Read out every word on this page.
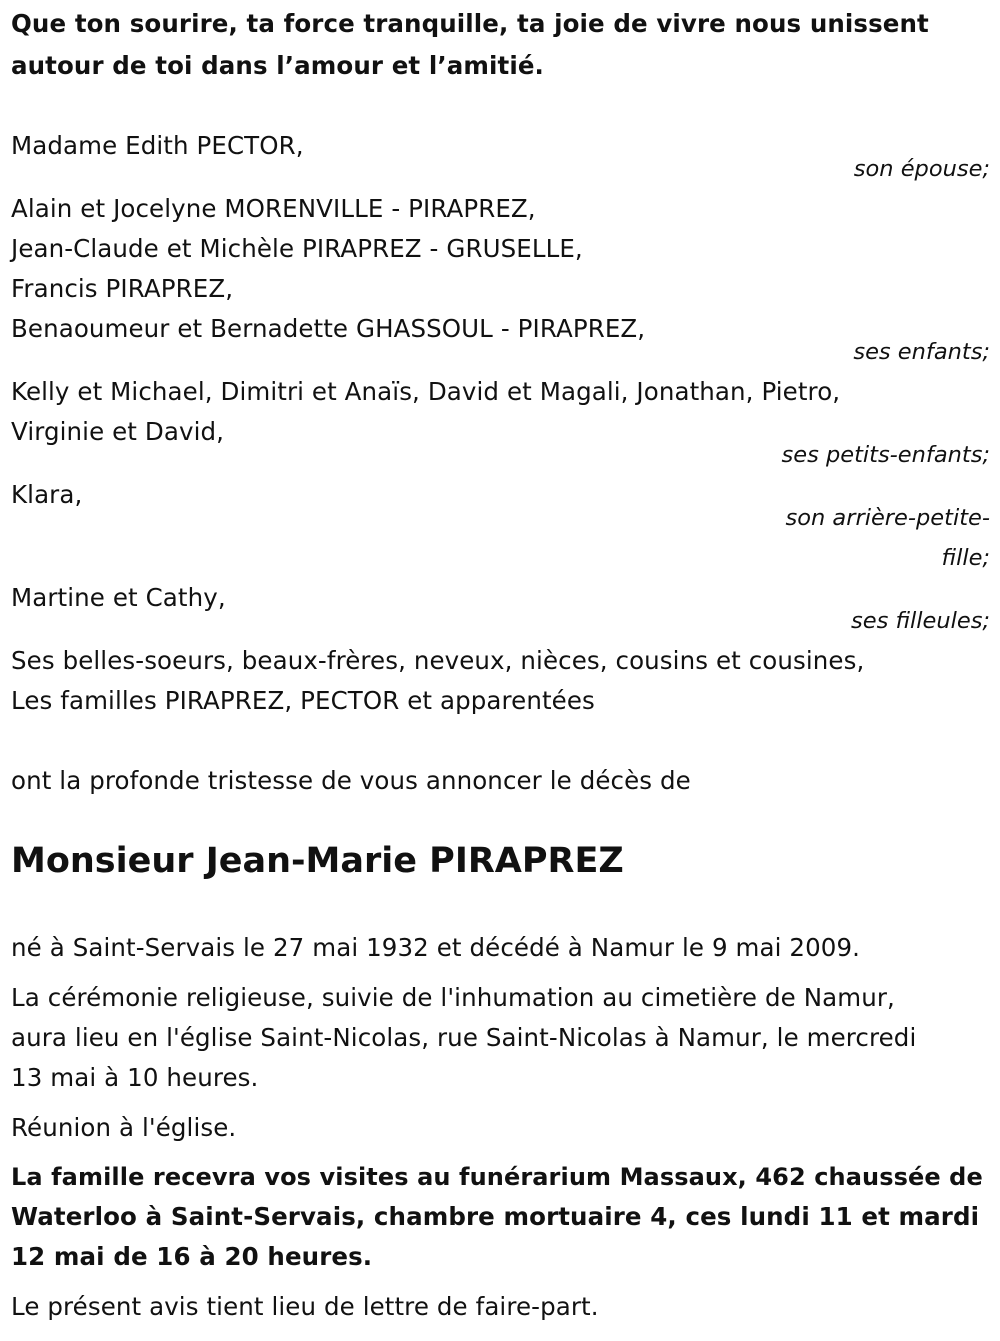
Que ton sourire, ta force tranquille, ta joie de vivre nous unissent
autour de toi dans l’amour et l’amitié.
Madame Edith PECTOR,
son épouse;
Alain et Jocelyne MORENVILLE - PIRAPREZ,
Jean-Claude et Michèle PIRAPREZ - GRUSELLE,
Francis PIRAPREZ,
Benaoumeur et Bernadette GHASSOUL - PIRAPREZ,
ses enfants;
Kelly et Michael, Dimitri et Anaïs, David et Magali, Jonathan, Pietro,
Virginie et David,
ses petits-enfants;
Klara,
son arrière-petite-
fille;
Martine et Cathy,
ses filleules;
Ses belles-soeurs, beaux-frères, neveux, nièces, cousins et cousines,
Les familles PIRAPREZ, PECTOR et apparentées
ont la profonde tristesse de vous annoncer le décès de
Monsieur Jean-Marie PIRAPREZ
né à Saint-Servais le 27 mai 1932 et décédé à Namur le 9 mai 2009.
La cérémonie religieuse, suivie de l'inhumation au cimetière de Namur,
aura lieu en l'église Saint-Nicolas, rue Saint-Nicolas à Namur, le mercredi
13 mai à 10 heures.
Réunion à l'église.
La famille recevra vos visites au funérarium Massaux, 462 chaussée de
Waterloo à Saint-Servais, chambre mortuaire 4, ces lundi 11 et mardi
12 mai de 16 à 20 heures.
Le présent avis tient lieu de lettre de faire-part.
